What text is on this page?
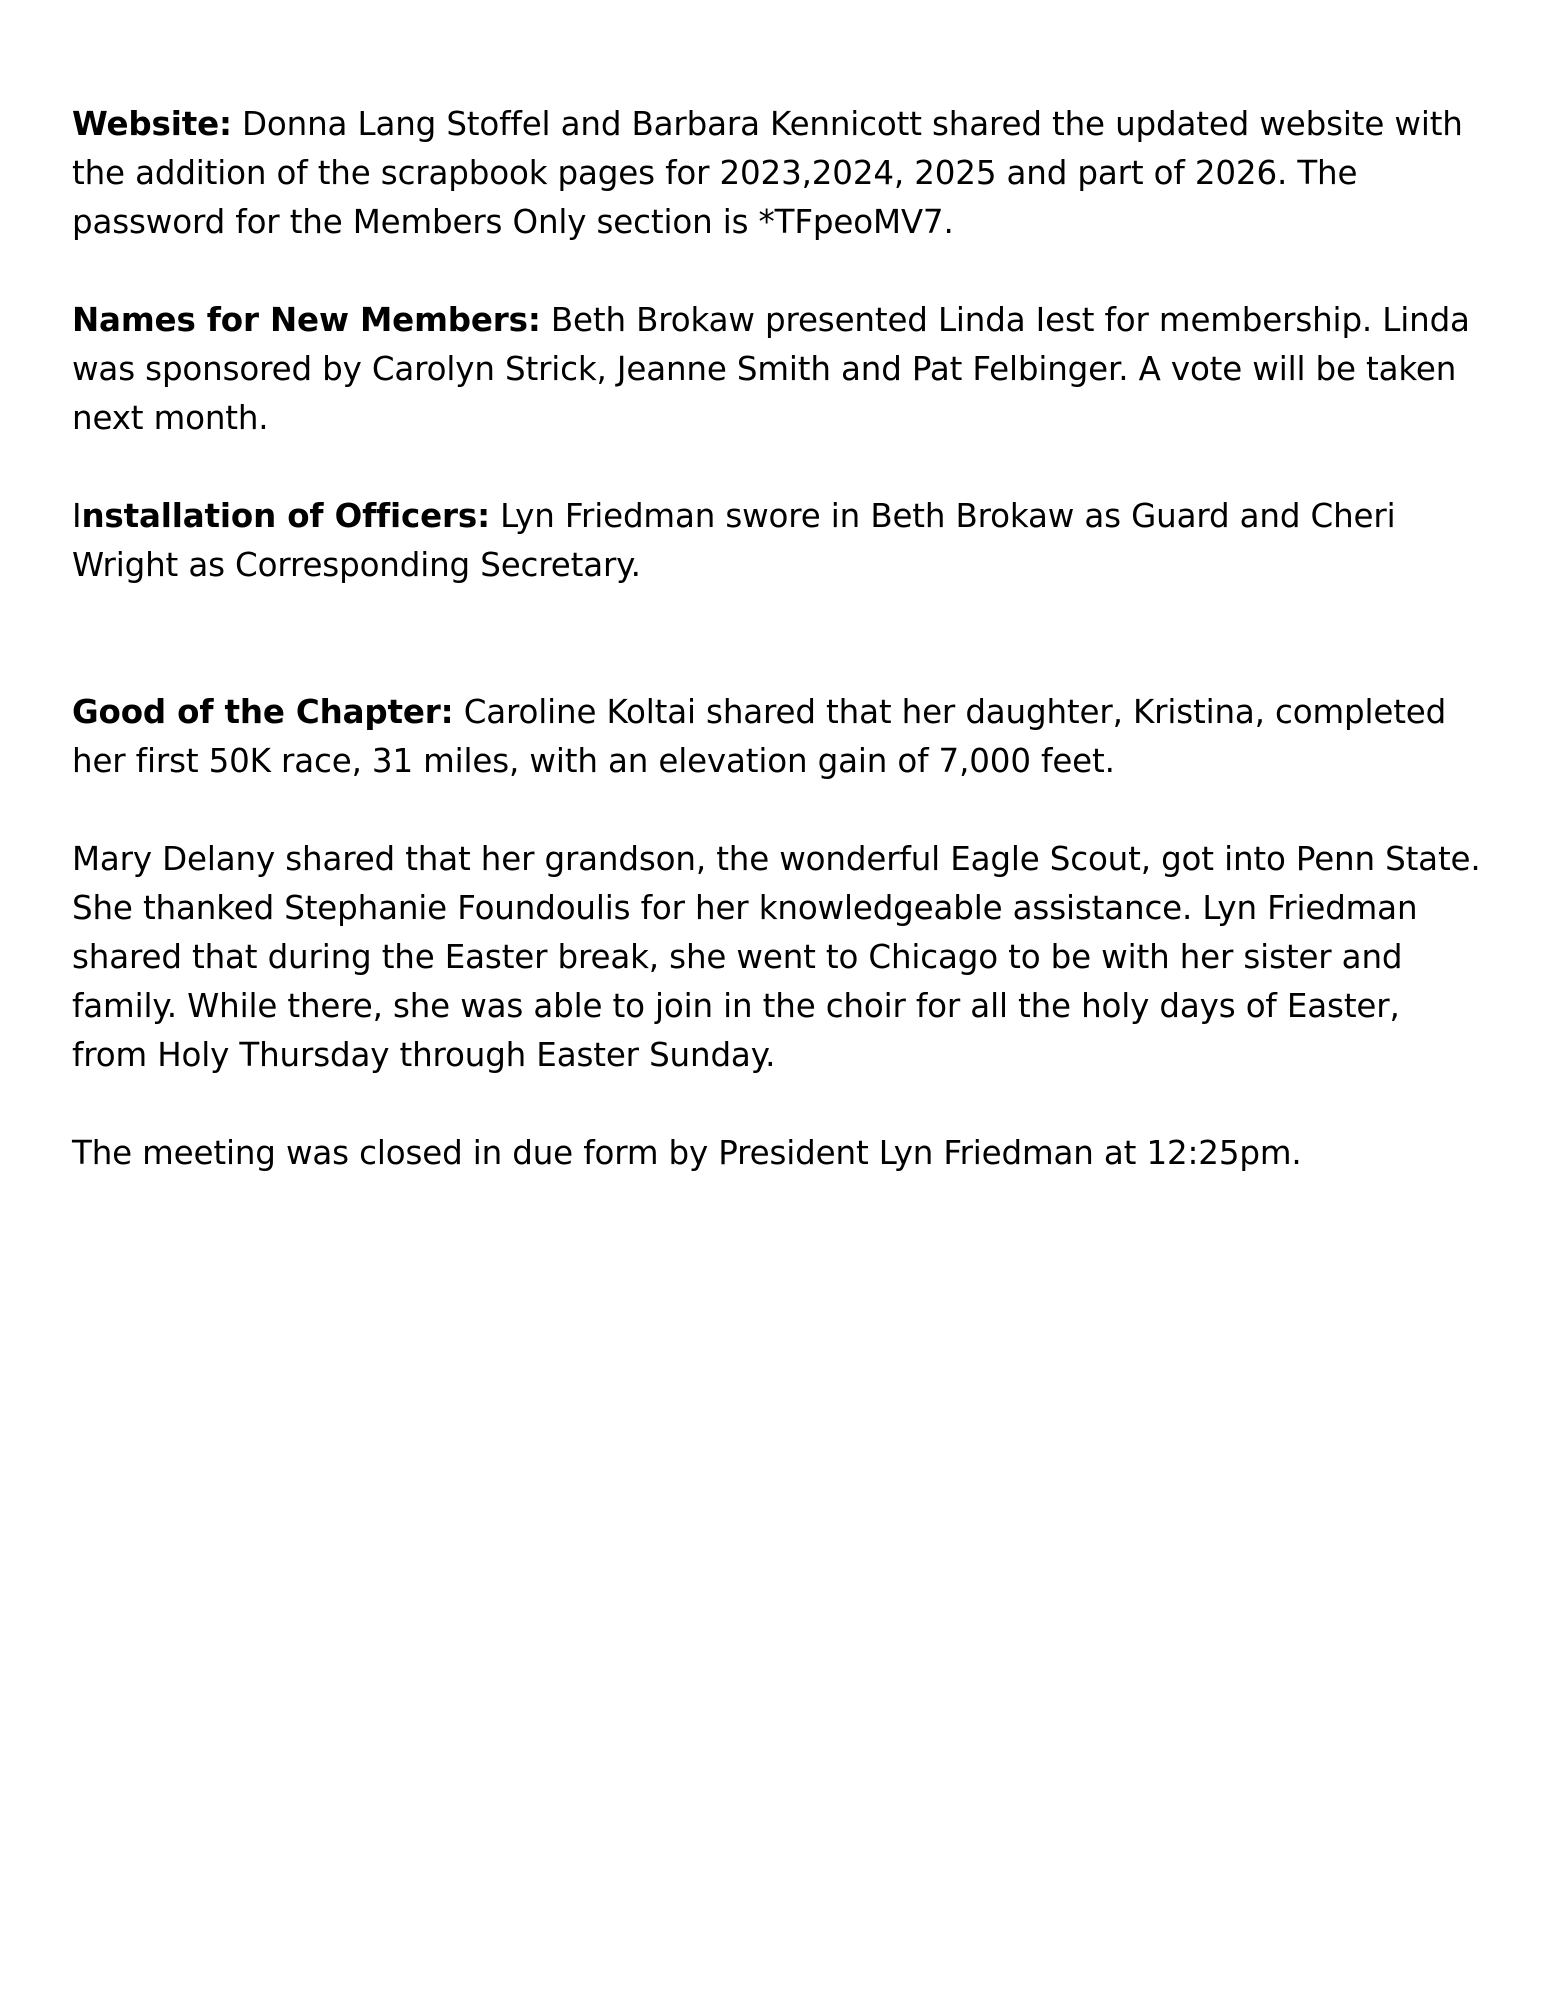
Website: Donna Lang Stoffel and Barbara Kennicott shared the updated website with the addition of the scrapbook pages for 2023,2024, 2025 and part of 2026. The password for the Members Only section is *TFpeoMV7.

Names for New Members: Beth Brokaw presented Linda Iest for membership. Linda was sponsored by Carolyn Strick, Jeanne Smith and Pat Felbinger. A vote will be taken next month.

Installation of Officers: Lyn Friedman swore in Beth Brokaw as Guard and Cheri Wright as Corresponding Secretary.

Good of the Chapter: Caroline Koltai shared that her daughter, Kristina, completed her first 50K race, 31 miles, with an elevation gain of 7,000 feet.

Mary Delany shared that her grandson, the wonderful Eagle Scout, got into Penn State. She thanked Stephanie Foundoulis for her knowledgeable assistance. Lyn Friedman shared that during the Easter break, she went to Chicago to be with her sister and family. While there, she was able to join in the choir for all the holy days of Easter, from Holy Thursday through Easter Sunday.

The meeting was closed in due form by President Lyn Friedman at 12:25pm.
